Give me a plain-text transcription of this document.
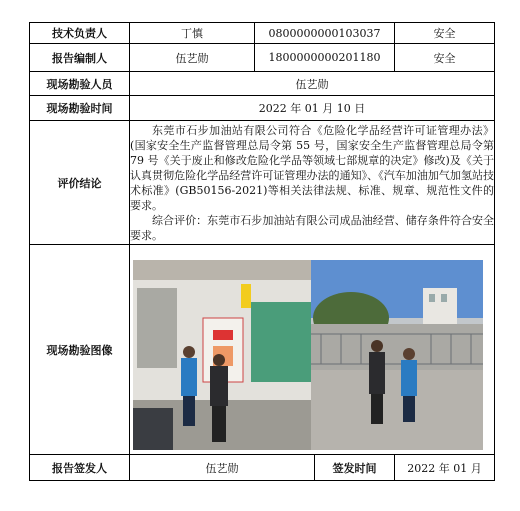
技术负责人	丁慎	0800000000103037		安全
报告编制人	伍艺勋	1800000000201180		安全
现场勘验人员	伍艺勋			
现场勘验时间	2022 年 01 月 10 日			
评价结论	东莞市石步加油站有限公司符合《危险化学品经营许可证管理办法》(国家安全生产监督管理总局令第 55 号，国家安全生产监督管理总局令第 79 号《关于废止和修改危险化学品等领域七部规章的决定》修改)及《关于认真贯彻危险化学品经营许可证管理办法的通知》、《汽车加油加气加氢站技术标准》(GB50156-2021)等相关法律法规、标准、规章、规范性文件的要求。

综合评价：东莞市石步加油站有限公司成品油经营、储存条件符合安全要求。			

现场勘验图像	

报告签发人	伍艺勋		签发时间	2022 年 01 月
